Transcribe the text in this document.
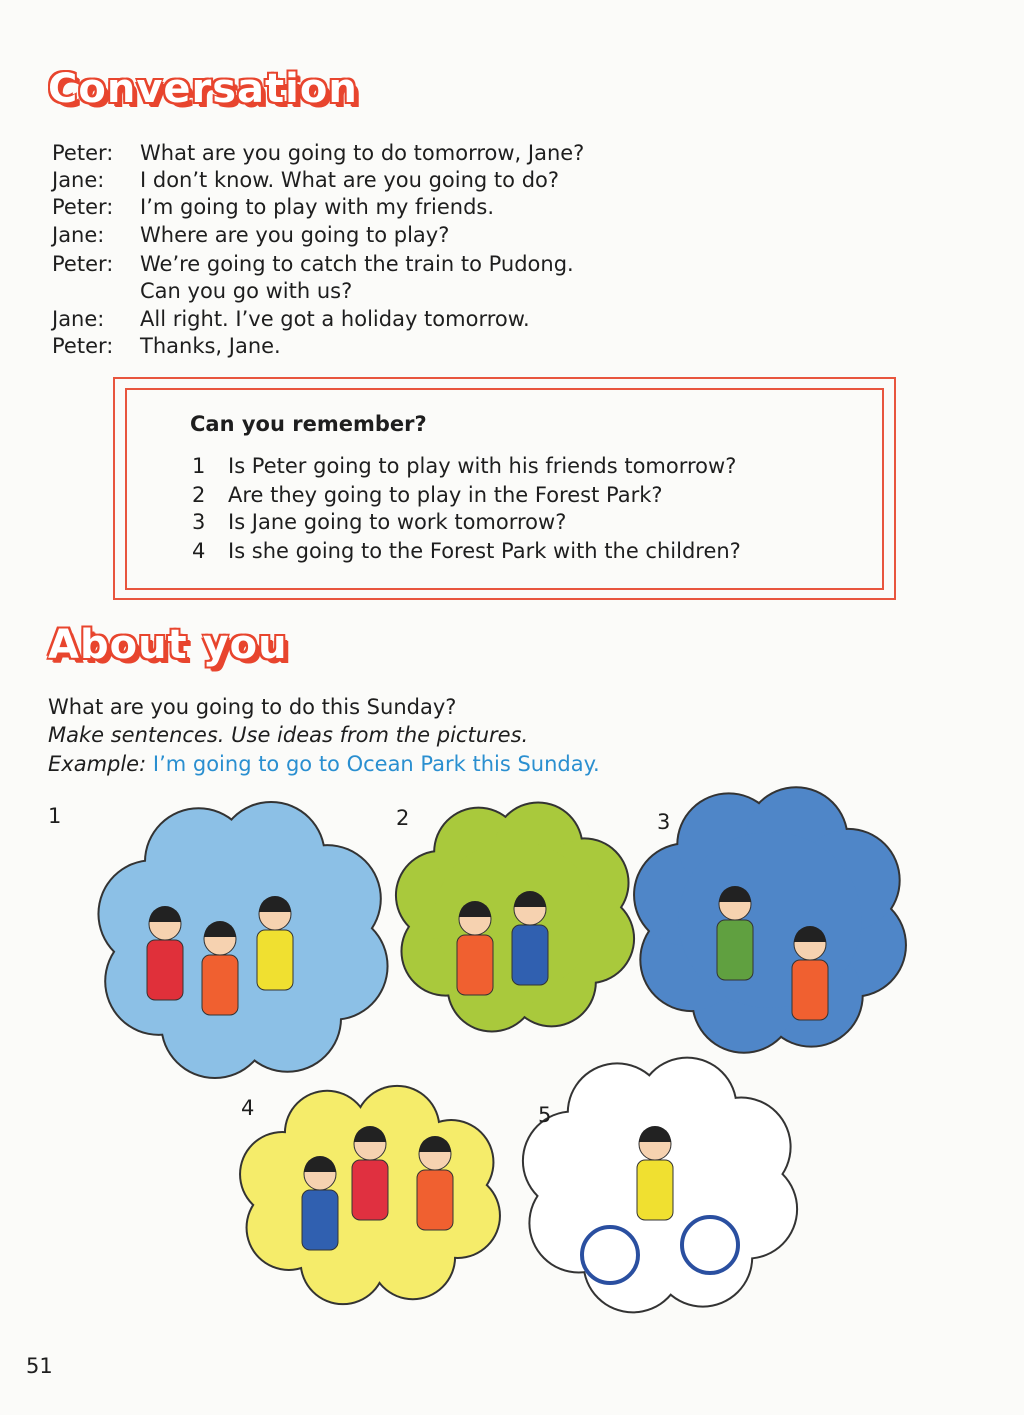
Conversation
Peter: What are you going to do tomorrow, Jane?
Jane: I don’t know. What are you going to do?
Peter: I’m going to play with my friends.
Jane: Where are you going to play?
Peter: We’re going to catch the train to Pudong.
Can you go with us?
Jane: All right. I’ve got a holiday tomorrow.
Peter: Thanks, Jane.
Can you remember?
1 Is Peter going to play with his friends tomorrow?
2 Are they going to play in the Forest Park?
3 Is Jane going to work tomorrow?
4 Is she going to the Forest Park with the children?
About you
What are you going to do this Sunday?
Make sentences. Use ideas from the pictures.
Example: I’m going to go to Ocean Park this Sunday.
1	2	3
4	5
51
